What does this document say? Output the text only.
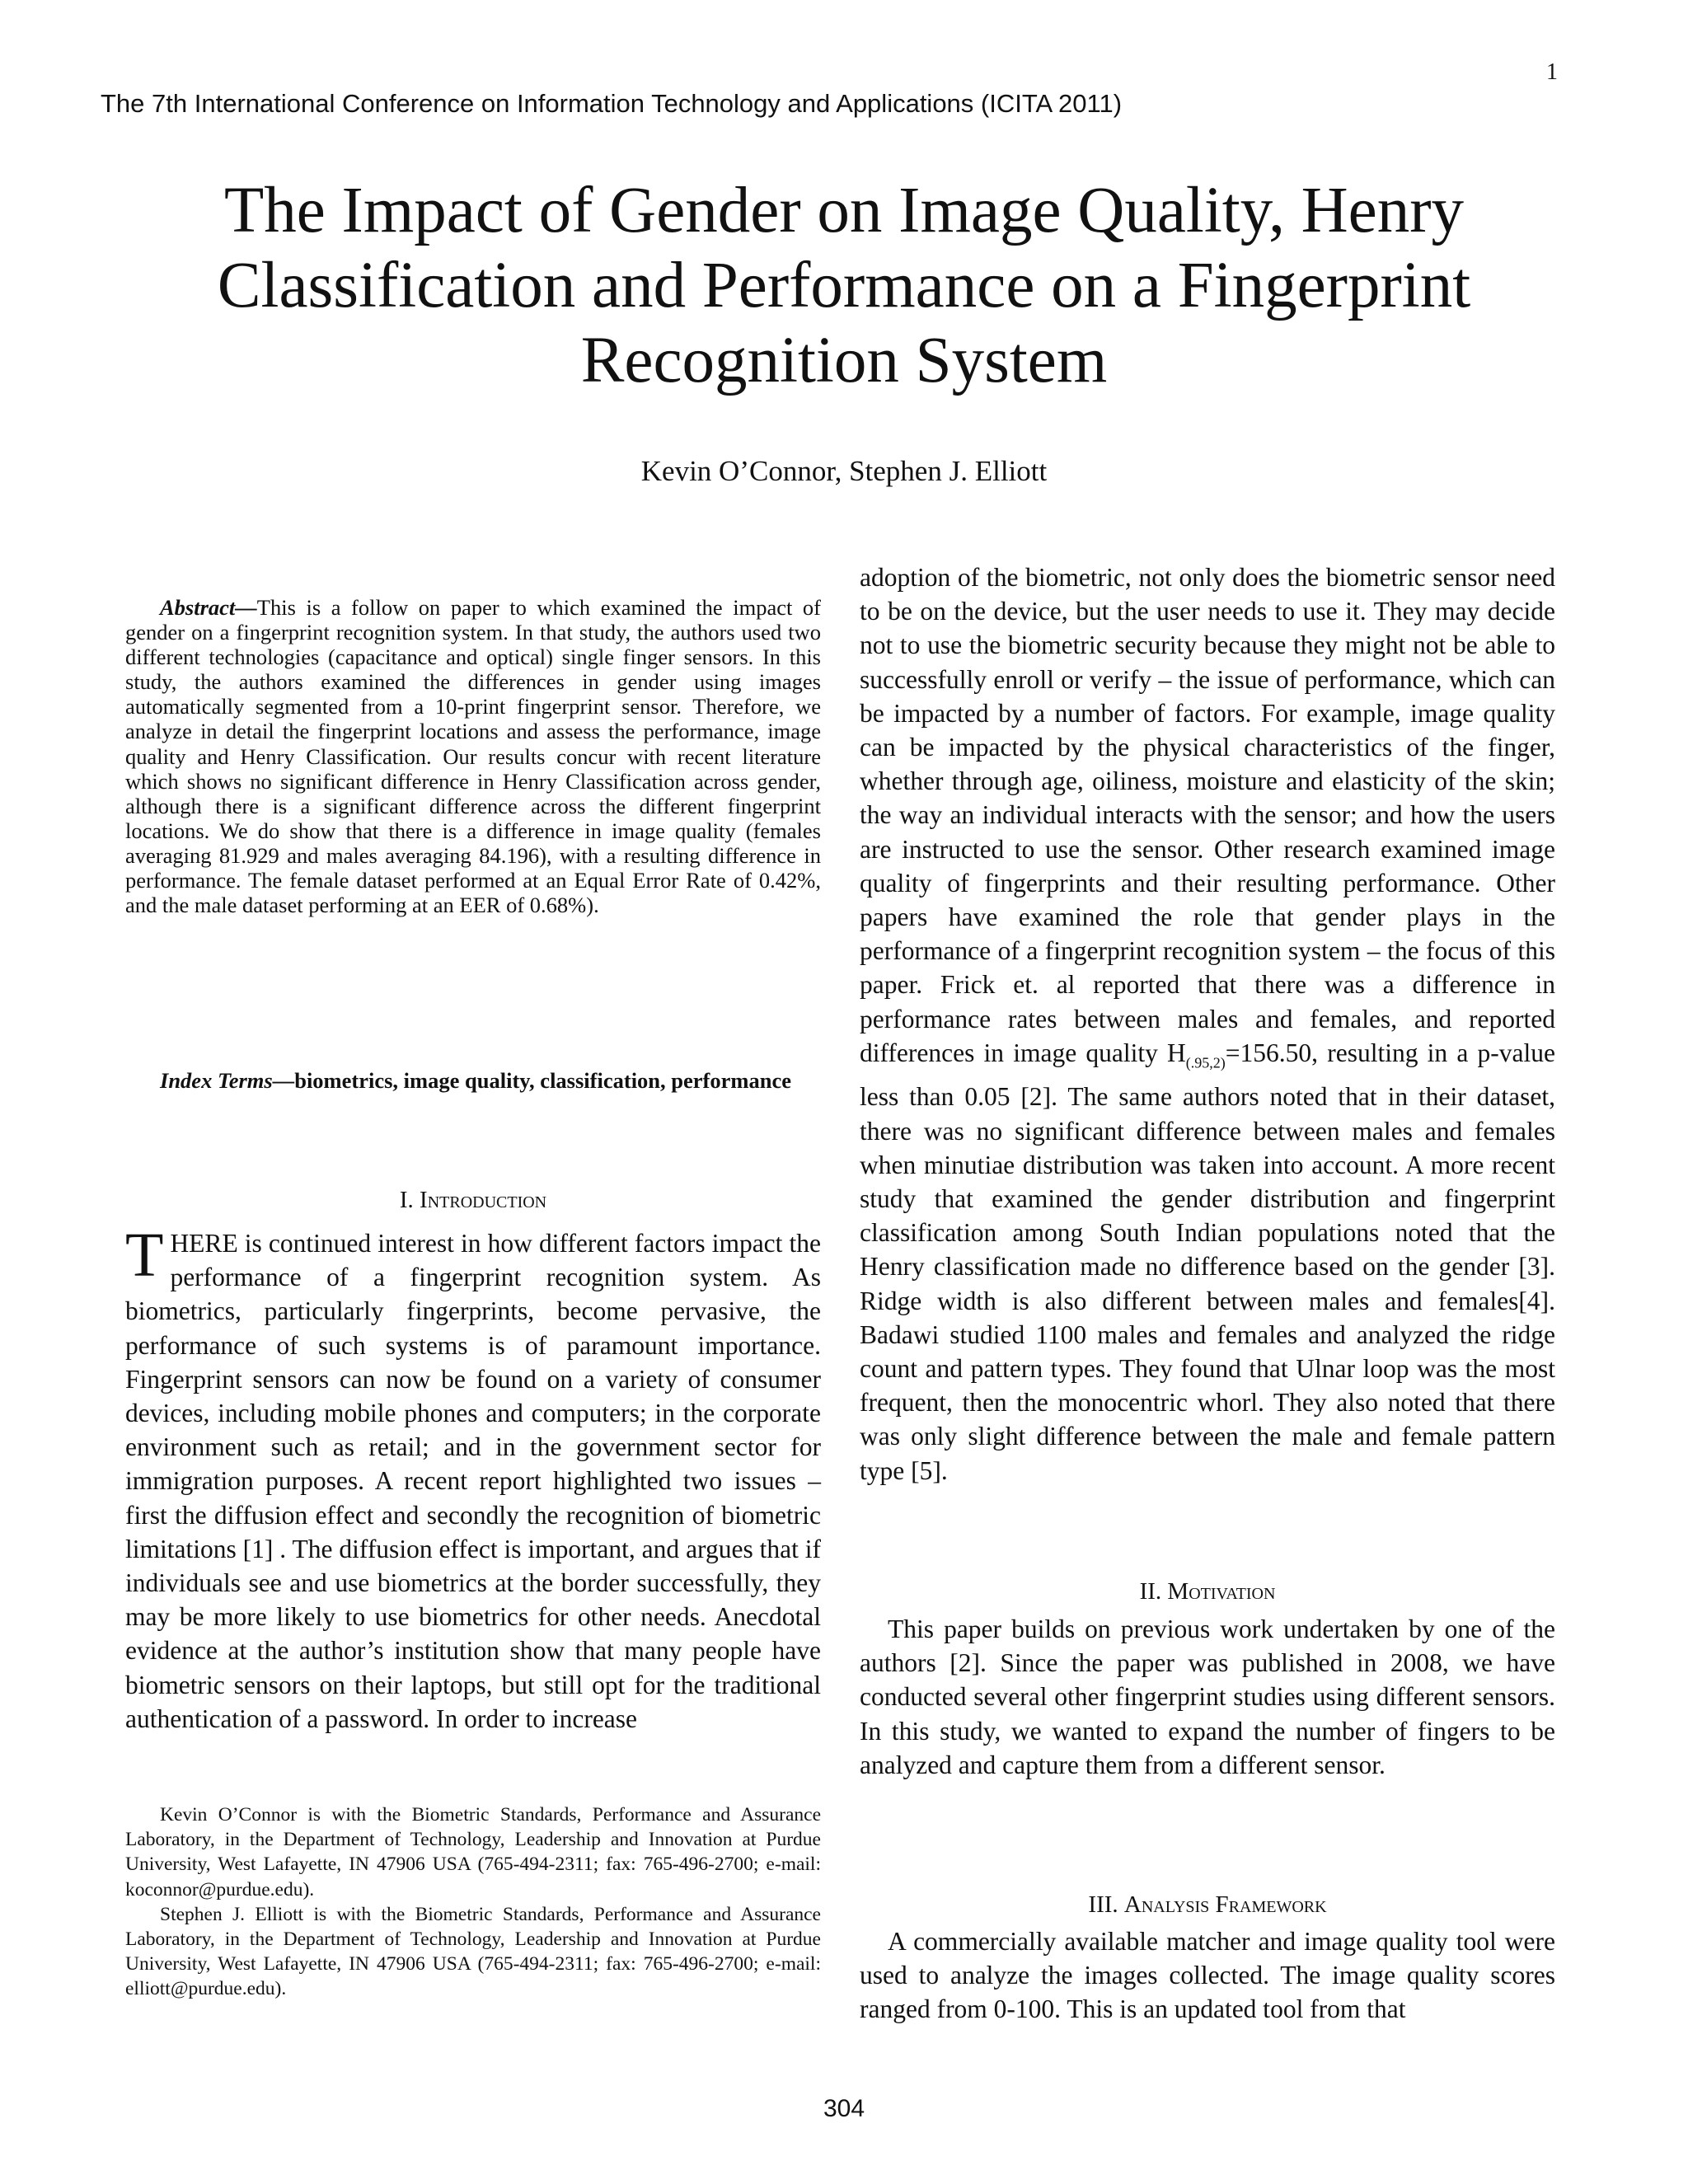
1
The 7th International Conference on Information Technology and Applications (ICITA 2011)
The Impact of Gender on Image Quality, Henry
Classification and Performance on a Fingerprint
Recognition System
Kevin O’Connor, Stephen J. Elliott
Abstract—This is a follow on paper to which examined the impact of gender on a fingerprint recognition system. In that study, the authors used two different technologies (capacitance and optical) single finger sensors. In this study, the authors examined the differences in gender using images automatically segmented from a 10-print fingerprint sensor. Therefore, we analyze in detail the fingerprint locations and assess the performance, image quality and Henry Classification. Our results concur with recent literature which shows no significant difference in Henry Classification across gender, although there is a significant difference across the different fingerprint locations. We do show that there is a difference in image quality (females averaging 81.929 and males averaging 84.196), with a resulting difference in performance. The female dataset performed at an Equal Error Rate of 0.42%, and the male dataset performing at an EER of 0.68%).
Index Terms—biometrics, image quality, classification, performance
I. Introduction
THERE is continued interest in how different factors impact the performance of a fingerprint recognition system. As biometrics, particularly fingerprints, become pervasive, the performance of such systems is of paramount importance. Fingerprint sensors can now be found on a variety of consumer devices, including mobile phones and computers; in the corporate environment such as retail; and in the government sector for immigration purposes. A recent report highlighted two issues – first the diffusion effect and secondly the recognition of biometric limitations [1] . The diffusion effect is important, and argues that if individuals see and use biometrics at the border successfully, they may be more likely to use biometrics for other needs. Anecdotal evidence at the author’s institution show that many people have biometric sensors on their laptops, but still opt for the traditional authentication of a password. In order to increase

Kevin O’Connor is with the Biometric Standards, Performance and Assurance Laboratory, in the Department of Technology, Leadership and Innovation at Purdue University, West Lafayette, IN 47906 USA (765-494-2311; fax: 765-496-2700; e-mail: koconnor@purdue.edu).

Stephen J. Elliott is with the Biometric Standards, Performance and Assurance Laboratory, in the Department of Technology, Leadership and Innovation at Purdue University, West Lafayette, IN 47906 USA (765-494-2311; fax: 765-496-2700; e-mail: elliott@purdue.edu).

adoption of the biometric, not only does the biometric sensor need to be on the device, but the user needs to use it. They may decide not to use the biometric security because they might not be able to successfully enroll or verify – the issue of performance, which can be impacted by a number of factors. For example, image quality can be impacted by the physical characteristics of the finger, whether through age, oiliness, moisture and elasticity of the skin; the way an individual interacts with the sensor; and how the users are instructed to use the sensor. Other research examined image quality of fingerprints and their resulting performance. Other papers have examined the role that gender plays in the performance of a fingerprint recognition system – the focus of this paper. Frick et. al reported that there was a difference in performance rates between males and females, and reported differences in image quality $H_{(.95,2)}=156.50$, resulting in a p-value less than 0.05 [2]. The same authors noted that in their dataset, there was no significant difference between males and females when minutiae distribution was taken into account. A more recent study that examined the gender distribution and fingerprint classification among South Indian populations noted that the Henry classification made no difference based on the gender [3]. Ridge width is also different between males and females[4]. Badawi studied 1100 males and females and analyzed the ridge count and pattern types. They found that Ulnar loop was the most frequent, then the monocentric whorl. They also noted that there was only slight difference between the male and female pattern type [5].
II. Motivation
This paper builds on previous work undertaken by one of the authors [2]. Since the paper was published in 2008, we have conducted several other fingerprint studies using different sensors. In this study, we wanted to expand the number of fingers to be analyzed and capture them from a different sensor.
III. Analysis Framework
A commercially available matcher and image quality tool were used to analyze the images collected. The image quality scores ranged from 0-100. This is an updated tool from that
304
